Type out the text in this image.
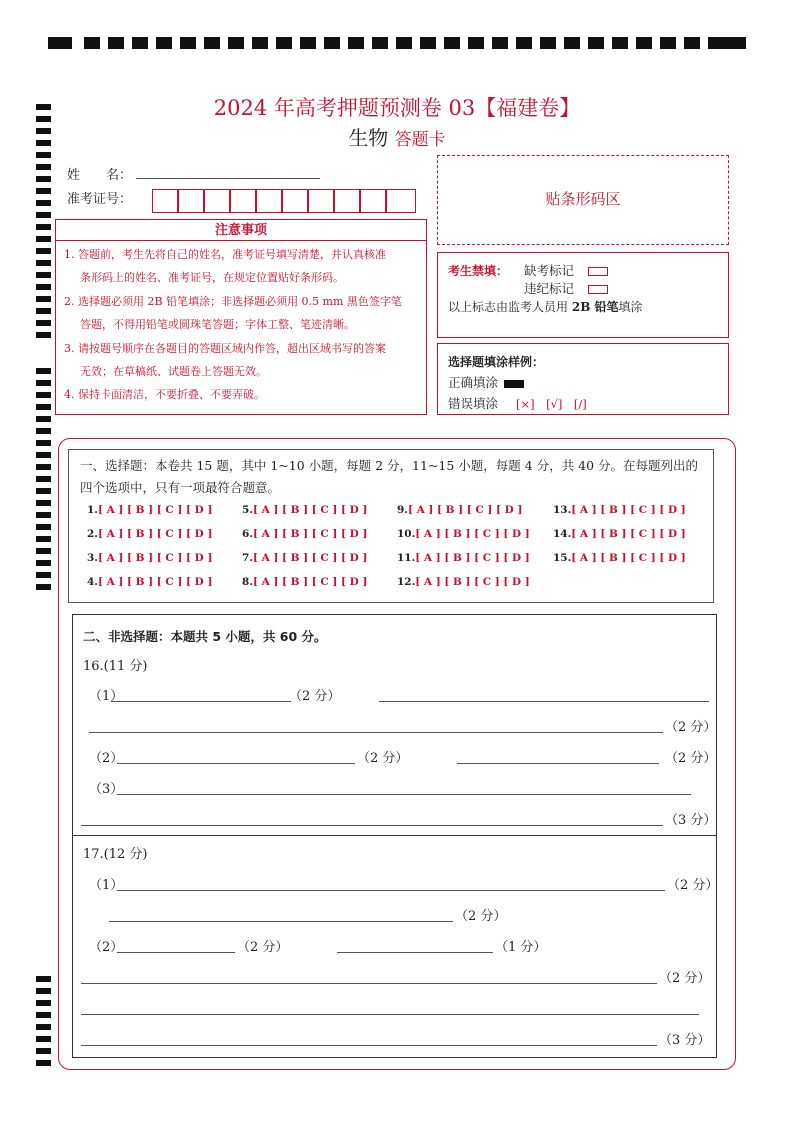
2024 年高考押题预测卷 03【福建卷】
生物 答题卡
姓　　名：
准考证号：	贴条形码区
注意事项
1. 答题前，考生先将自己的姓名，准考证号填写清楚，并认真核准
条形码上的姓名、准考证号，在规定位置贴好条形码。
2. 选择题必须用 2B 铅笔填涂；非选择题必须用 0.5 mm 黑色签字笔
答题，不得用铅笔或圆珠笔答题；字体工整、笔迹清晰。
3. 请按题号顺序在各题目的答题区域内作答，超出区域书写的答案
无效；在草稿纸、试题卷上答题无效。
4. 保持卡面清洁，不要折叠、不要弄破。
考生禁填： 缺考标记
违纪标记
以上标志由监考人员用 2B 铅笔填涂
选择题填涂样例：
正确填涂
错误填涂 [×]　[√]　[/]
一、选择题：本卷共 15 题，其中 1~10 小题，每题 2 分，11~15 小题，每题 4 分，共 40 分。在每题列出的四个选项中，只有一项最符合题意。
1.[ A ] [ B ] [ C ] [ D ]
2.[ A ] [ B ] [ C ] [ D ]
3.[ A ] [ B ] [ C ] [ D ]
4.[ A ] [ B ] [ C ] [ D ]
5.[ A ] [ B ] [ C ] [ D ]
6.[ A ] [ B ] [ C ] [ D ]
7.[ A ] [ B ] [ C ] [ D ]
8.[ A ] [ B ] [ C ] [ D ]
9.[ A ] [ B ] [ C ] [ D ]
10.[ A ] [ B ] [ C ] [ D ]
11.[ A ] [ B ] [ C ] [ D ]
12.[ A ] [ B ] [ C ] [ D ]
13.[ A ] [ B ] [ C ] [ D ]
14.[ A ] [ B ] [ C ] [ D ]
15.[ A ] [ B ] [ C ] [ D ]
二、非选择题：本题共 5 小题，共 60 分。
16.(11 分)
（1）	（2 分）
（2 分）
（2）	（2 分）	（2 分）
（3）
（3 分）
17.(12 分)
（1）	（2 分）
（2 分）
（2）	（2 分）	（1 分）
（2 分）
（3 分）
